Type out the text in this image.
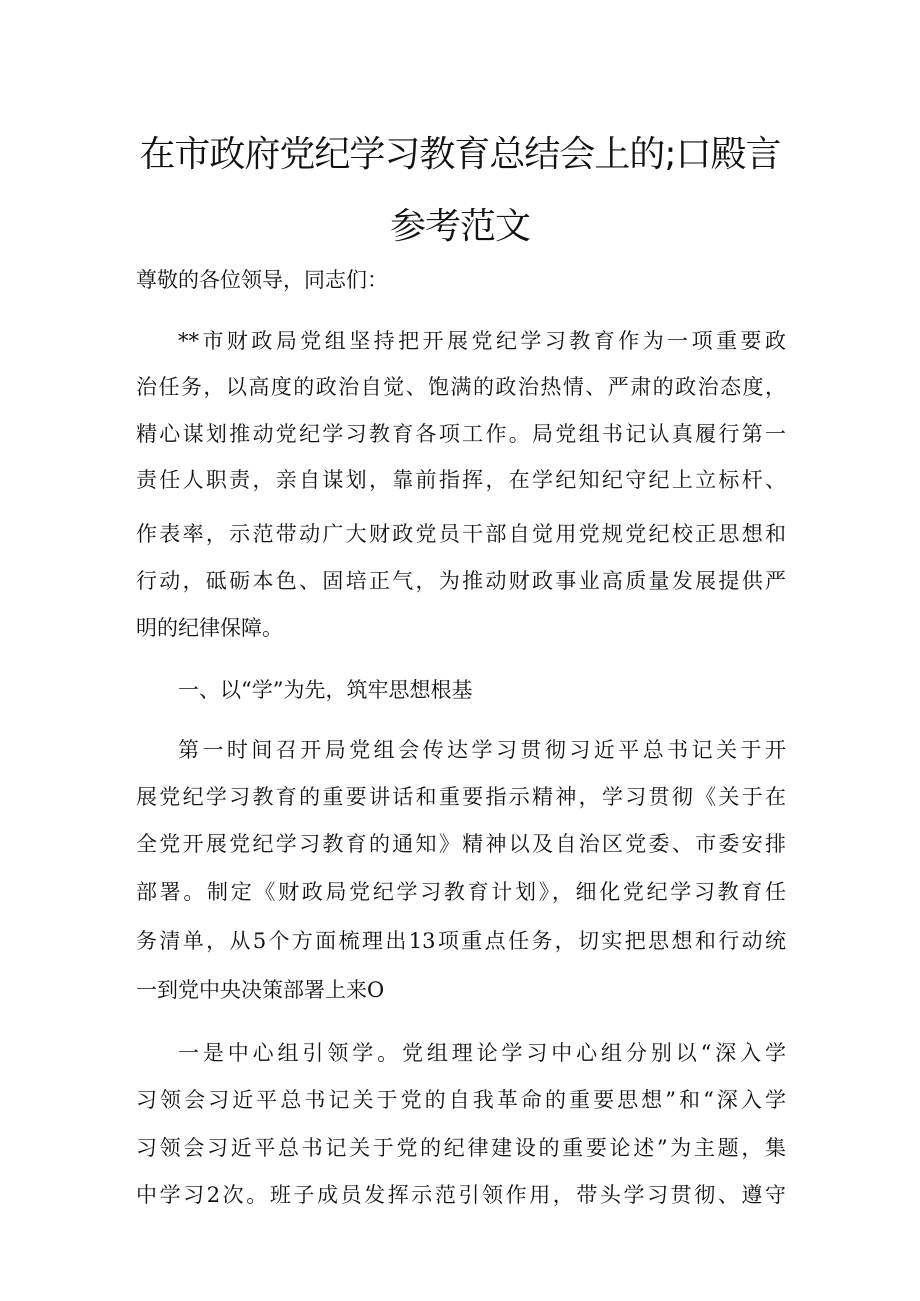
在市政府党纪学习教育总结会上的;口殿言
参考范文
尊敬的各位领导，同志们：
**市财政局党组坚持把开展党纪学习教育作为一项重要政
治任务，以高度的政治自觉、饱满的政治热情、严肃的政治态度，
精心谋划推动党纪学习教育各项工作。局党组书记认真履行第一
责任人职责，亲自谋划，靠前指挥，在学纪知纪守纪上立标杆、
作表率，示范带动广大财政党员干部自觉用党规党纪校正思想和
行动，砥砺本色、固培正气，为推动财政事业高质量发展提供严
明的纪律保障。
一、以“学”为先，筑牢思想根基
第一时间召开局党组会传达学习贯彻习近平总书记关于开
展党纪学习教育的重要讲话和重要指示精神，学习贯彻《关于在
全党开展党纪学习教育的通知》精神以及自治区党委、市委安排
部署。制定《财政局党纪学习教育计划》，细化党纪学习教育任
务清单，从5个方面梳理出13项重点任务，切实把思想和行动统
一到党中央决策部署上来O
一是中心组引领学。党组理论学习中心组分别以“深入学
习领会习近平总书记关于党的自我革命的重要思想”和“深入学
习领会习近平总书记关于党的纪律建设的重要论述”为主题，集
中学习2次。班子成员发挥示范引领作用，带头学习贯彻、遵守
